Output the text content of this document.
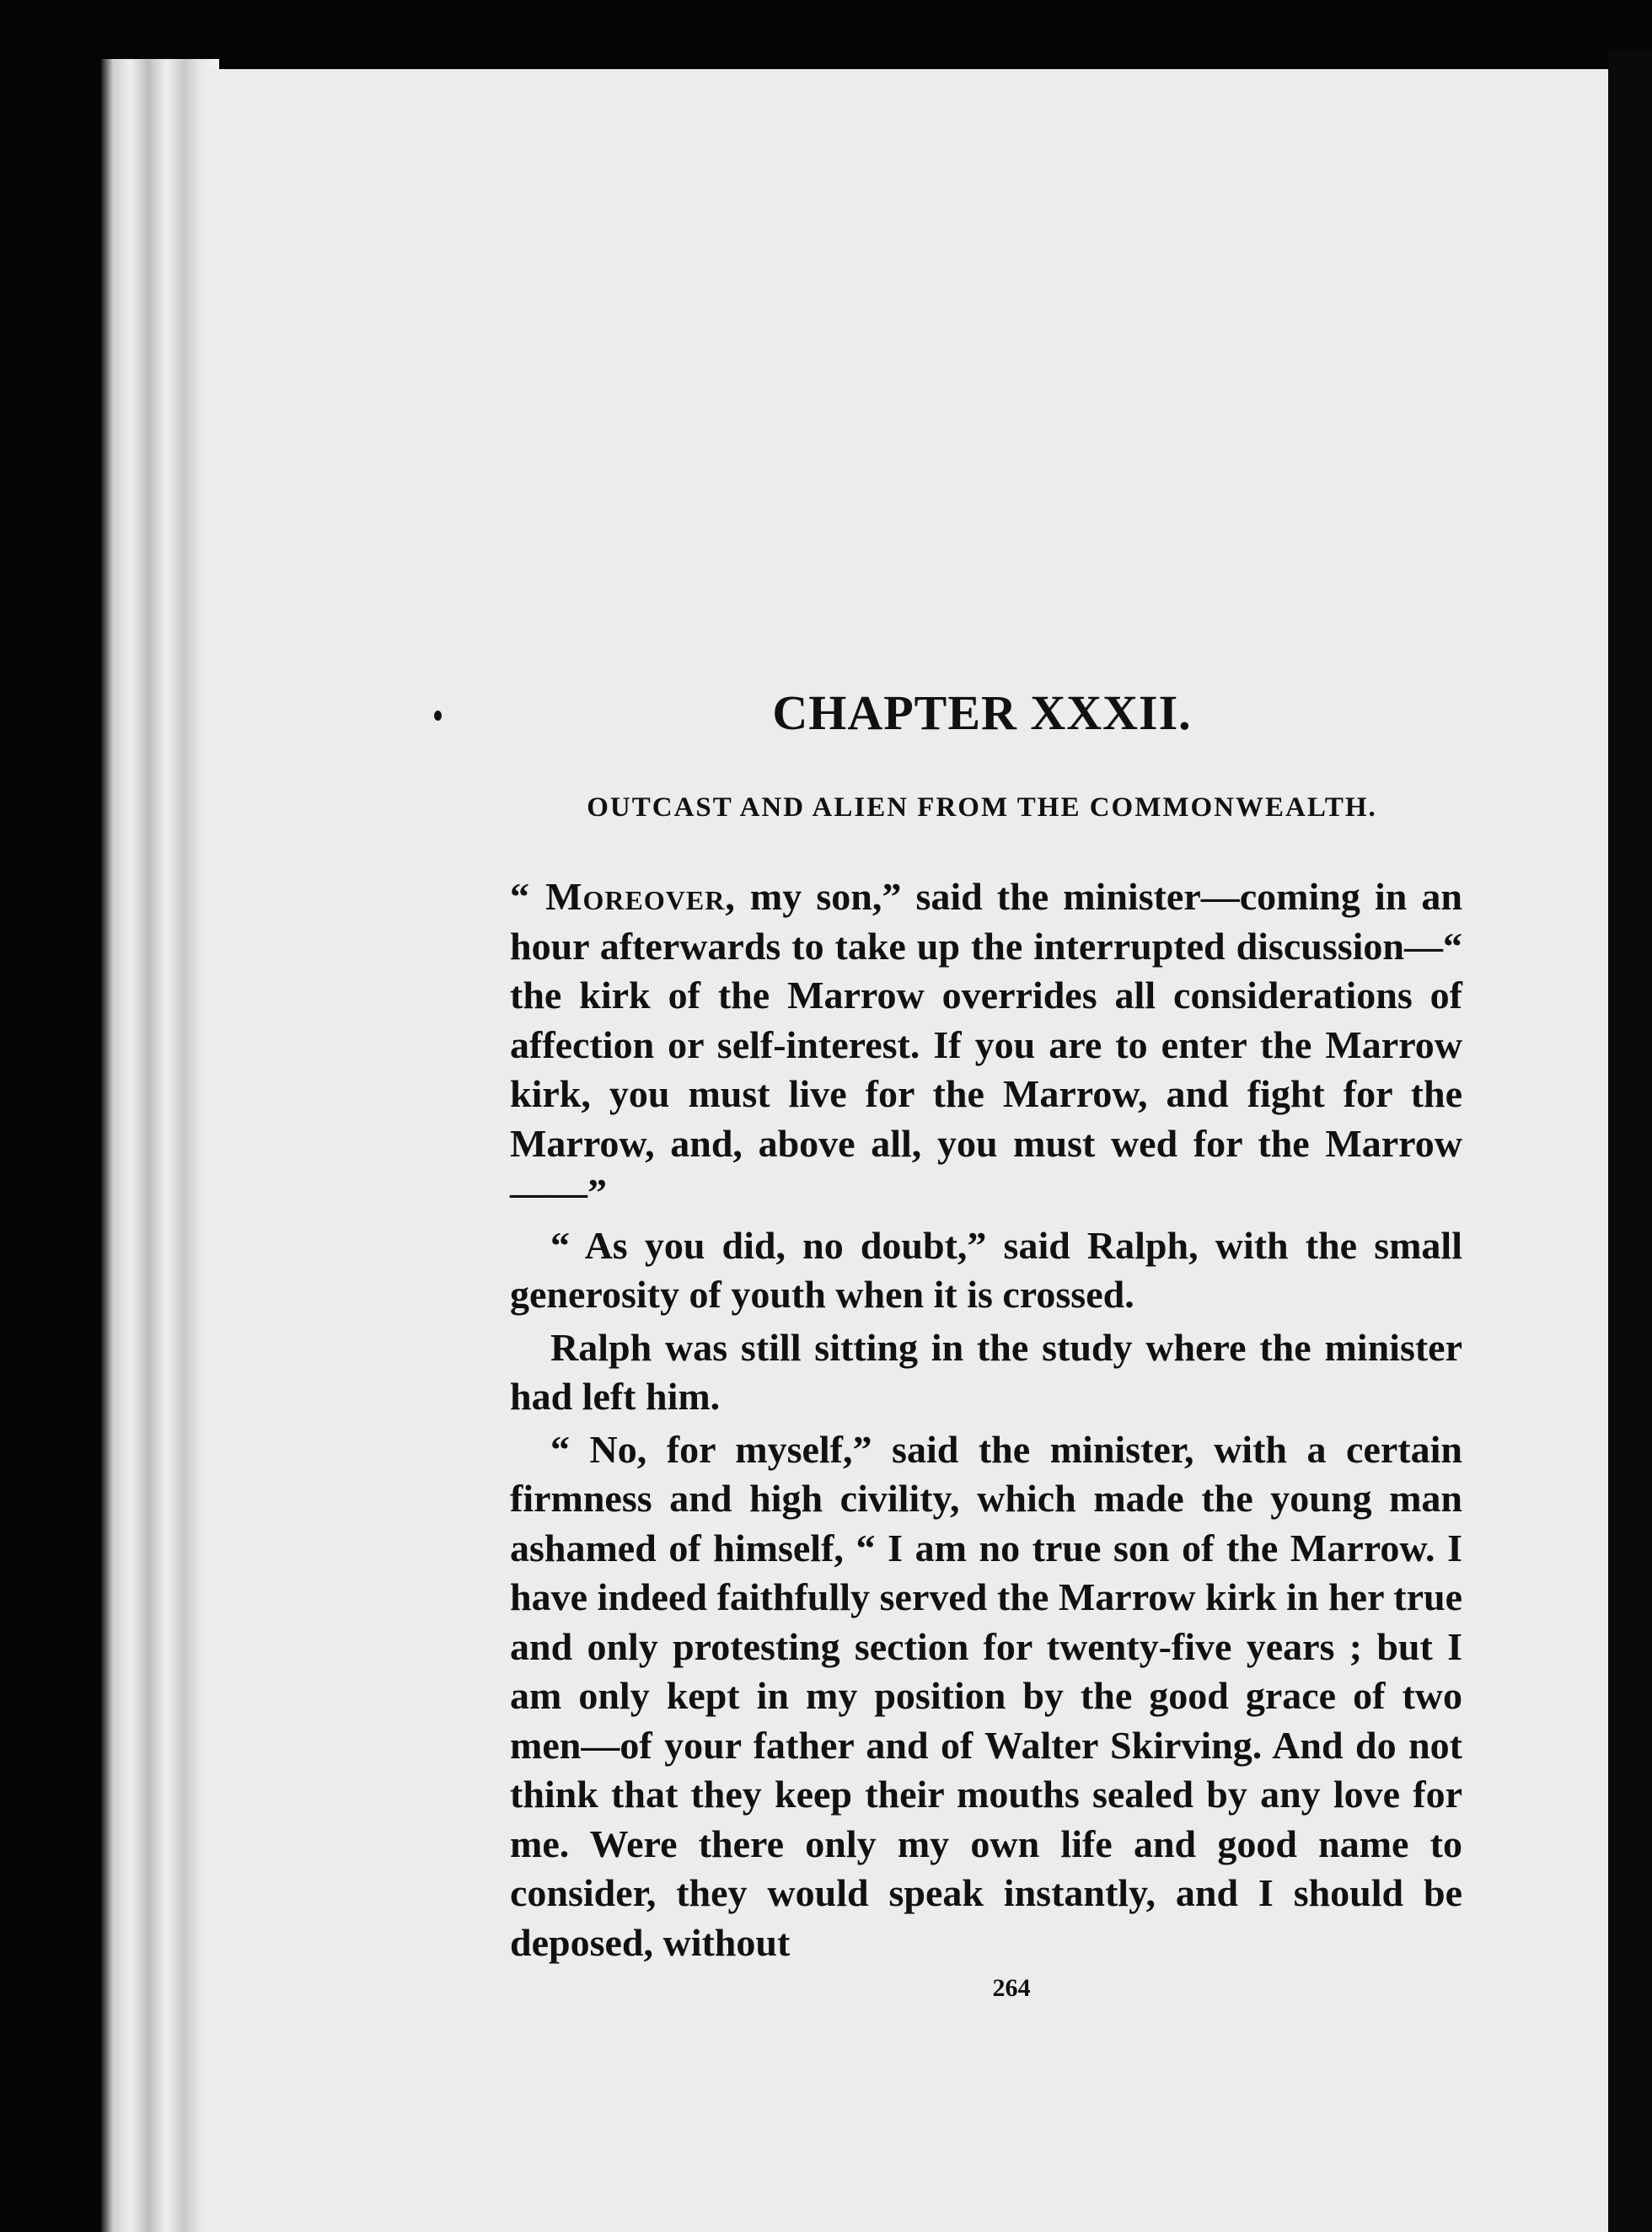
CHAPTER XXXII.
OUTCAST AND ALIEN FROM THE COMMONWEALTH.

“ Moreover, my son,” said the minister—coming in an hour afterwards to take up the interrupted discussion—“ the kirk of the Marrow overrides all considerations of affection or self-interest. If you are to enter the Marrow kirk, you must live for the Marrow, and fight for the Marrow, and, above all, you must wed for the Marrow——”

“ As you did, no doubt,” said Ralph, with the small generosity of youth when it is crossed.

Ralph was still sitting in the study where the minister had left him.

“ No, for myself,” said the minister, with a certain firmness and high civility, which made the young man ashamed of himself, “ I am no true son of the Marrow. I have indeed faithfully served the Marrow kirk in her true and only protesting section for twenty-five years ; but I am only kept in my position by the good grace of two men—of your father and of Walter Skirving. And do not think that they keep their mouths sealed by any love for me. Were there only my own life and good name to consider, they would speak instantly, and I should be deposed, without

264
